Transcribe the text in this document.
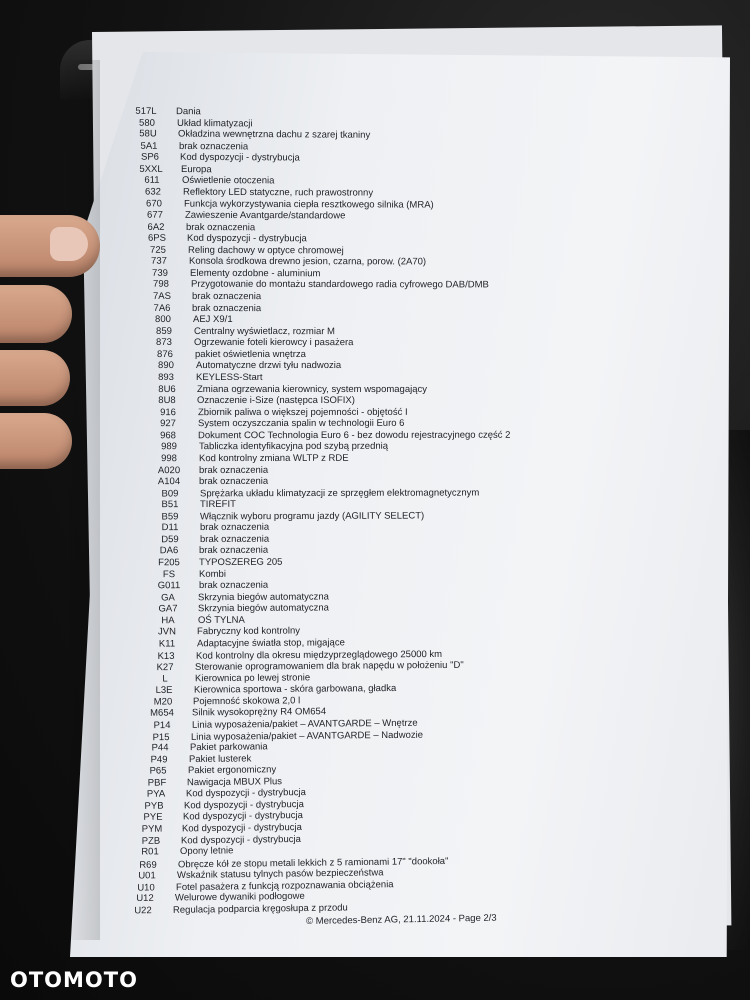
517L Dania
580 Układ klimatyzacji
58U Okładzina wewnętrzna dachu z szarej tkaniny
5A1 brak oznaczenia
SP6 Kod dyspozycji - dystrybucja
5XXL Europa
611 Oświetlenie otoczenia
632 Reflektory LED statyczne, ruch prawostronny
670 Funkcja wykorzystywania ciepła resztkowego silnika (MRA)
677 Zawieszenie Avantgarde/standardowe
6A2 brak oznaczenia
6PS Kod dyspozycji - dystrybucja
725 Reling dachowy w optyce chromowej
737 Konsola środkowa drewno jesion, czarna, porow. (2A70)
739 Elementy ozdobne - aluminium
798 Przygotowanie do montażu standardowego radia cyfrowego DAB/DMB
7AS brak oznaczenia
7A6 brak oznaczenia
800 AEJ X9/1
859 Centralny wyświetlacz, rozmiar M
873 Ogrzewanie foteli kierowcy i pasażera
876 pakiet oświetlenia wnętrza
890 Automatyczne drzwi tyłu nadwozia
893 KEYLESS-Start
8U6 Zmiana ogrzewania kierownicy, system wspomagający
8U8 Oznaczenie i-Size (następca ISOFIX)
916 Zbiornik paliwa o większej pojemności - objętość I
927 System oczyszczania spalin w technologii Euro 6
968 Dokument COC Technologia Euro 6 - bez dowodu rejestracyjnego część 2
989 Tabliczka identyfikacyjna pod szybą przednią
998 Kod kontrolny zmiana WLTP z RDE
A020 brak oznaczenia
A104 brak oznaczenia
B09 Sprężarka układu klimatyzacji ze sprzęgłem elektromagnetycznym
B51 TIREFIT
B59 Włącznik wyboru programu jazdy (AGILITY SELECT)
D11 brak oznaczenia
D59 brak oznaczenia
DA6 brak oznaczenia
F205 TYPOSZEREG 205
FS	Kombi
G011 brak oznaczenia
GA Skrzynia biegów automatyczna
GA7 Skrzynia biegów automatyczna
HA OŚ TYLNA
JVN Fabryczny kod kontrolny
K11 Adaptacyjne światła stop, migające
K13 Kod kontrolny dla okresu międzyprzeglądowego 25000 km
K27 Sterowanie oprogramowaniem dla brak napędu w położeniu "D"
L	Kierownica po lewej stronie
L3E Kierownica sportowa - skóra garbowana, gładka
M20 Pojemność skokowa 2,0 l
M654 Silnik wysokoprężny R4 OM654
P14 Linia wyposażenia/pakiet – AVANTGARDE – Wnętrze
P15 Linia wyposażenia/pakiet – AVANTGARDE – Nadwozie
P44 Pakiet parkowania
P49 Pakiet lusterek
P65 Pakiet ergonomiczny
PBF Nawigacja MBUX Plus
PYA Kod dyspozycji - dystrybucja
PYB Kod dyspozycji - dystrybucja
PYE Kod dyspozycji - dystrybucja
PYM Kod dyspozycji - dystrybucja
PZB Kod dyspozycji - dystrybucja
R01 Opony letnie
R69 Obręcze kół ze stopu metali lekkich z 5 ramionami 17" "dookoła"
U01 Wskaźnik statusu tylnych pasów bezpieczeństwa
U10 Fotel pasażera z funkcją rozpoznawania obciążenia
U12 Welurowe dywaniki podłogowe
U22 Regulacja podparcia kręgosłupa z przodu
© Mercedes-Benz AG, 21.11.2024 - Page 2/3
OTOMOTO
